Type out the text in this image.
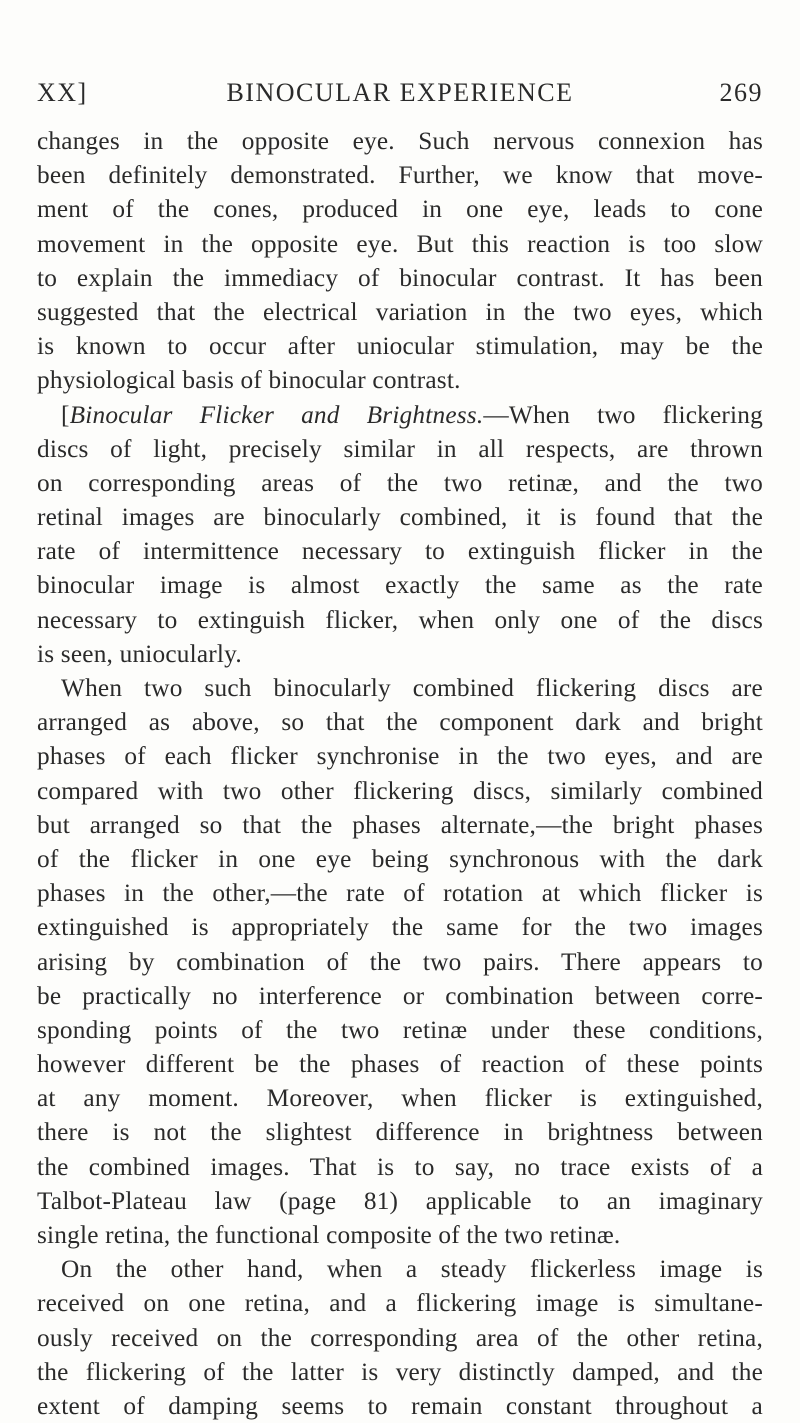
XX]	BINOCULAR EXPERIENCE	269
changes in the opposite eye. Such nervous connexion has
been definitely demonstrated. Further, we know that move-
ment of the cones, produced in one eye, leads to cone
movement in the opposite eye. But this reaction is too slow
to explain the immediacy of binocular contrast. It has been
suggested that the electrical variation in the two eyes, which
is known to occur after uniocular stimulation, may be the
physiological basis of binocular contrast.
[Binocular Flicker and Brightness.—When two flickering
discs of light, precisely similar in all respects, are thrown
on corresponding areas of the two retinæ, and the two
retinal images are binocularly combined, it is found that the
rate of intermittence necessary to extinguish flicker in the
binocular image is almost exactly the same as the rate
necessary to extinguish flicker, when only one of the discs
is seen, uniocularly.
When two such binocularly combined flickering discs are
arranged as above, so that the component dark and bright
phases of each flicker synchronise in the two eyes, and are
compared with two other flickering discs, similarly combined
but arranged so that the phases alternate,—the bright phases
of the flicker in one eye being synchronous with the dark
phases in the other,—the rate of rotation at which flicker is
extinguished is appropriately the same for the two images
arising by combination of the two pairs. There appears to
be practically no interference or combination between corre-
sponding points of the two retinæ under these conditions,
however different be the phases of reaction of these points
at any moment. Moreover, when flicker is extinguished,
there is not the slightest difference in brightness between
the combined images. That is to say, no trace exists of a
Talbot-Plateau law (page 81) applicable to an imaginary
single retina, the functional composite of the two retinæ.
On the other hand, when a steady flickerless image is
received on one retina, and a flickering image is simultane-
ously received on the corresponding area of the other retina,
the flickering of the latter is very distinctly damped, and the
extent of damping seems to remain constant throughout a
